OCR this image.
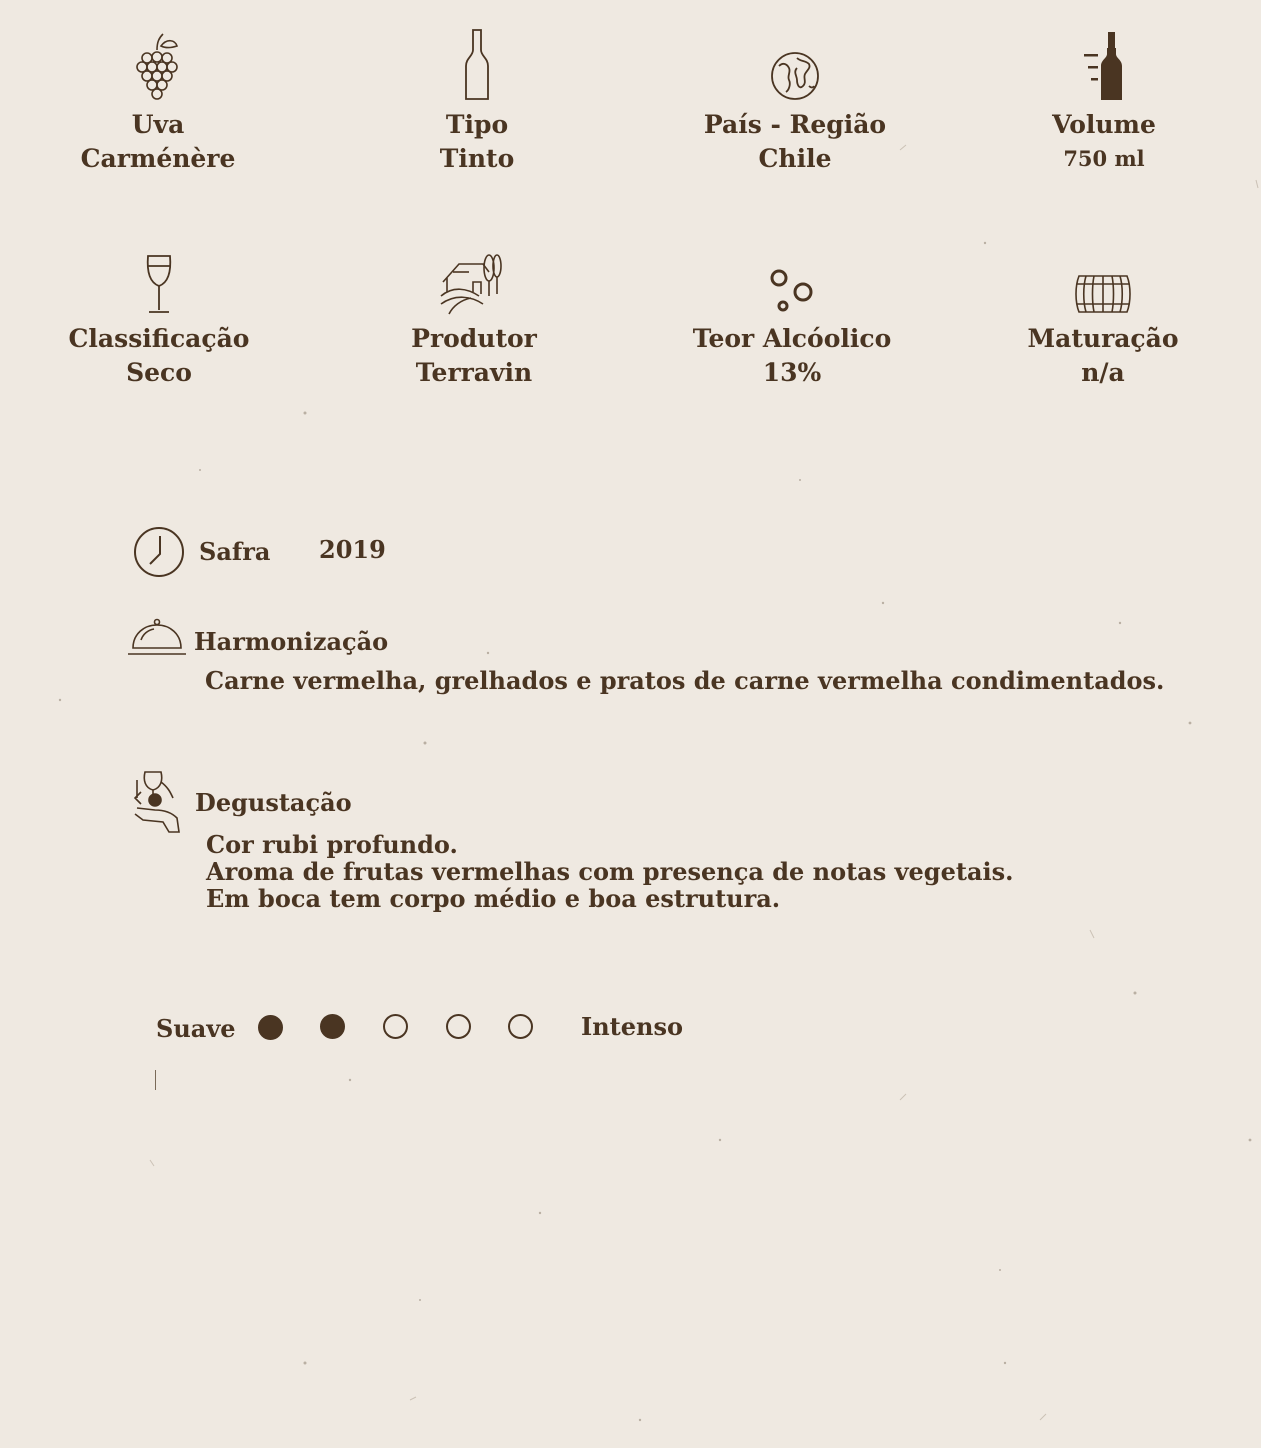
Uva
Carménère
Tipo
Tinto
País - Região
Chile
Volume
750 ml
Classificação
Seco
Produtor
Terravin
Teor Alcóolico
13%
Maturação
n/a
Safra 2019
Harmonização
Carne vermelha, grelhados e pratos de carne vermelha condimentados.
Degustação
Cor rubi profundo.
Aroma de frutas vermelhas com presença de notas vegetais.
Em boca tem corpo médio e boa estrutura.
Suave	Intenso
